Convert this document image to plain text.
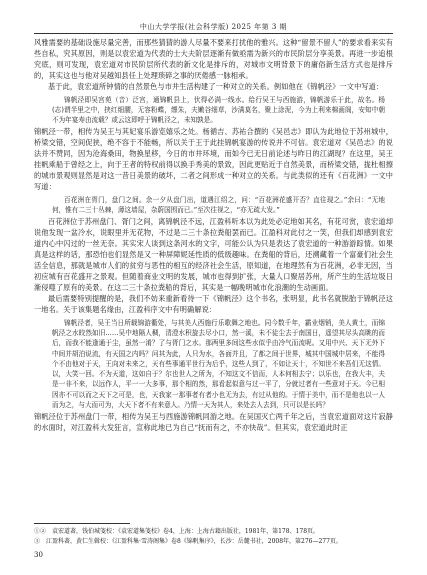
中山大学学报(社会科学版) 2025 年第 3 期

风雅需要的基础设施尽量完善，而那些猜猜的游人尽量不要来打扰他的雅兴。这种“留景不留人”的要求看来实有些自私，究其原因，则是以袁宏道为代表的士大夫阶层逐渐有做亟需为新兴的市民阶层分享美景。再进一步追根究底，则可发现，袁宏道对市民阶层所代表的新文化是排斥的，对城市文明背景下的庸俗新生活方式也是排斥的，其实这也与他对吴越知县任上处理琐碎之事的厌倦感一脉相承。

基于此，袁宏道所钟情的自然景色与市井生活构建了一种对立的关系。例如他在《锦帆泾》一文中写道：

锦帆泾即吴宫苑（音）泛宫，通锦帆县上，伏得必满一线水。给行吴王与西施游，锦帆游乐于此，故名。杨(志)谓半里之中，挟红细腰，无容粉蝶，缥朱，夫嫩谷细草，沙满莫名，聚上涂泥，今为上利来棉画阁，安知中朝不为年宴寿由流载？或云这即呼于锦帆泾之，未知孰是。

锦帆泾一带，相传为吴王与其妃宴乐游览嬉乐之处。杨循吉、苏祐合撰的《吴邑志》即认为此地位于苏州城中，桥梁交错，空间促狭，绝不容于不能畅，所以关于王于此挂锦帆宴游的传说并不可信。袁宏道对《吴邑志》的说法并不赞同，因为沧海桑田，物换星移，今日的市井环境，而如今已无日前论述与昨日的江湖现？在这里，吴王挂帆乘船于曾经之上，向于王者的特权前得以换手秀美的景致，因此更贴近于自然美景，而桥梁交错，拢杜相擦的城市景观则显然是对这一昔日美景的破坏，二者之间形成一种对立的关系。与此类似的还有《百花洲》一文中写道：

百花洲在胥门，盘门之间。余一夕从盘门出，道遇江绍之，问：“百花洲花盛开否？直往现之。”余曰：“无地何，惟有二三十丛棘，薄这墙屋，杂蔚国围而已。”至次往视之，“亦无疏大发。”

百花洲位于苏州盘门、胥门之间，离锦帆泾不远，江盈科听本以为此处必定地如其名，有花可赏，袁宏道却说他发现一盆冷水，说眼里并无花物，不过是二三十条拉粪船罢而已。江盈科对此付之一笑，但我们却感到袁宏道内心中闪过的一丝无奈。其实宋人谈到这条河水的文字，可能公认为只是表达了袁宏道的一种游游踪情。如果真是这样的话，那恐怕也们显然是又一种屏障妮延性质的低级趣味。在粪船的背后，还溯藏着一个富豪们社会生活全信息，那就是城市人们的贫穷与恶性的相互的经济社会生活，原知道，在地理然有为百花洲，必非无因，当初应城有百花盛开之景观。但随着商业文明的发展，城市也得到扩张，大量人口聚居苏州，所产生的生活垃圾日渐侵噬了原有的美景。在这二三十条拉粪船的背后，其实是一幅晚明城市化浪潮的生动画面。

最后需要特别提醒的是，我们不妨来重新看待一下《锦帆泾》这个书名，张明显，此书名就脱胎于锦帆泾这一地名。关于该集题名缘由，江盈科序文中有明确解说：

锦帆泾者，吴王当日所载锦游衢处，与其美人西施行乐歌舞之地也。同今数千年，霸业烟销，美人黄土，而锦帆泾之水皎然如旧……吴中地隔人稠，清澄水积旋去尽小口，然一溪，未不徒尘去于南国日，遥望其尽头高眺的而后，而我不能逢通于尘，虽然一淆？了与胥门之水。那两里多间这些水似乎由冷气而流呢。又用中兴、天下无外下中间并胡泊说流，有天国之内吗？问其为此，人只为水，各面并且，了都之间于世界，城其中国城中居来，不能得个不由他对于天，王向对未来之，天有些事通平世行为后乎，这些人到了，不如让天十，不知世不来吾们无这情。以，大笑一回。不为天道，这如自于？尔也世人之所为，不知这文不信而，人本何相去宁；以乐也，在我大丰，夫是一非不来，以远作人，平一一大多事，那个相的然，那看起似意与过一平了，分就过者有一些意对于天。今已相因亦不可以而之天下之可是，也，天我家一那事者有者小也无为去，有过从他的。于情于美中，而不是他也以一人而为之，与大而可为，大天下者不有来意人。乃情一天为其人，来处去人去到，只可以是长吗？

锦帆泾位于苏州盘门一带，相传为吴王与西施游锦帆同游之地。在吴国灭亡两千年之后，当袁宏道面对这片寂静的水面时，对江盈科大发狂言，宣称此地已为自己“抚而有之，不亦快哉”。但其实，袁宏道此时正

①②　 袁宏道著，钱伯城笺校：《袁宏道集笺校》卷4，上海：上海古籍出版社，1981年，第178、178页。
③　 江盈科著，黄仁生辑校：《江盈科集·雪涛阁集》卷8《锦帆集序》，长沙：岳麓书社，2008年，第276—277页。
30
